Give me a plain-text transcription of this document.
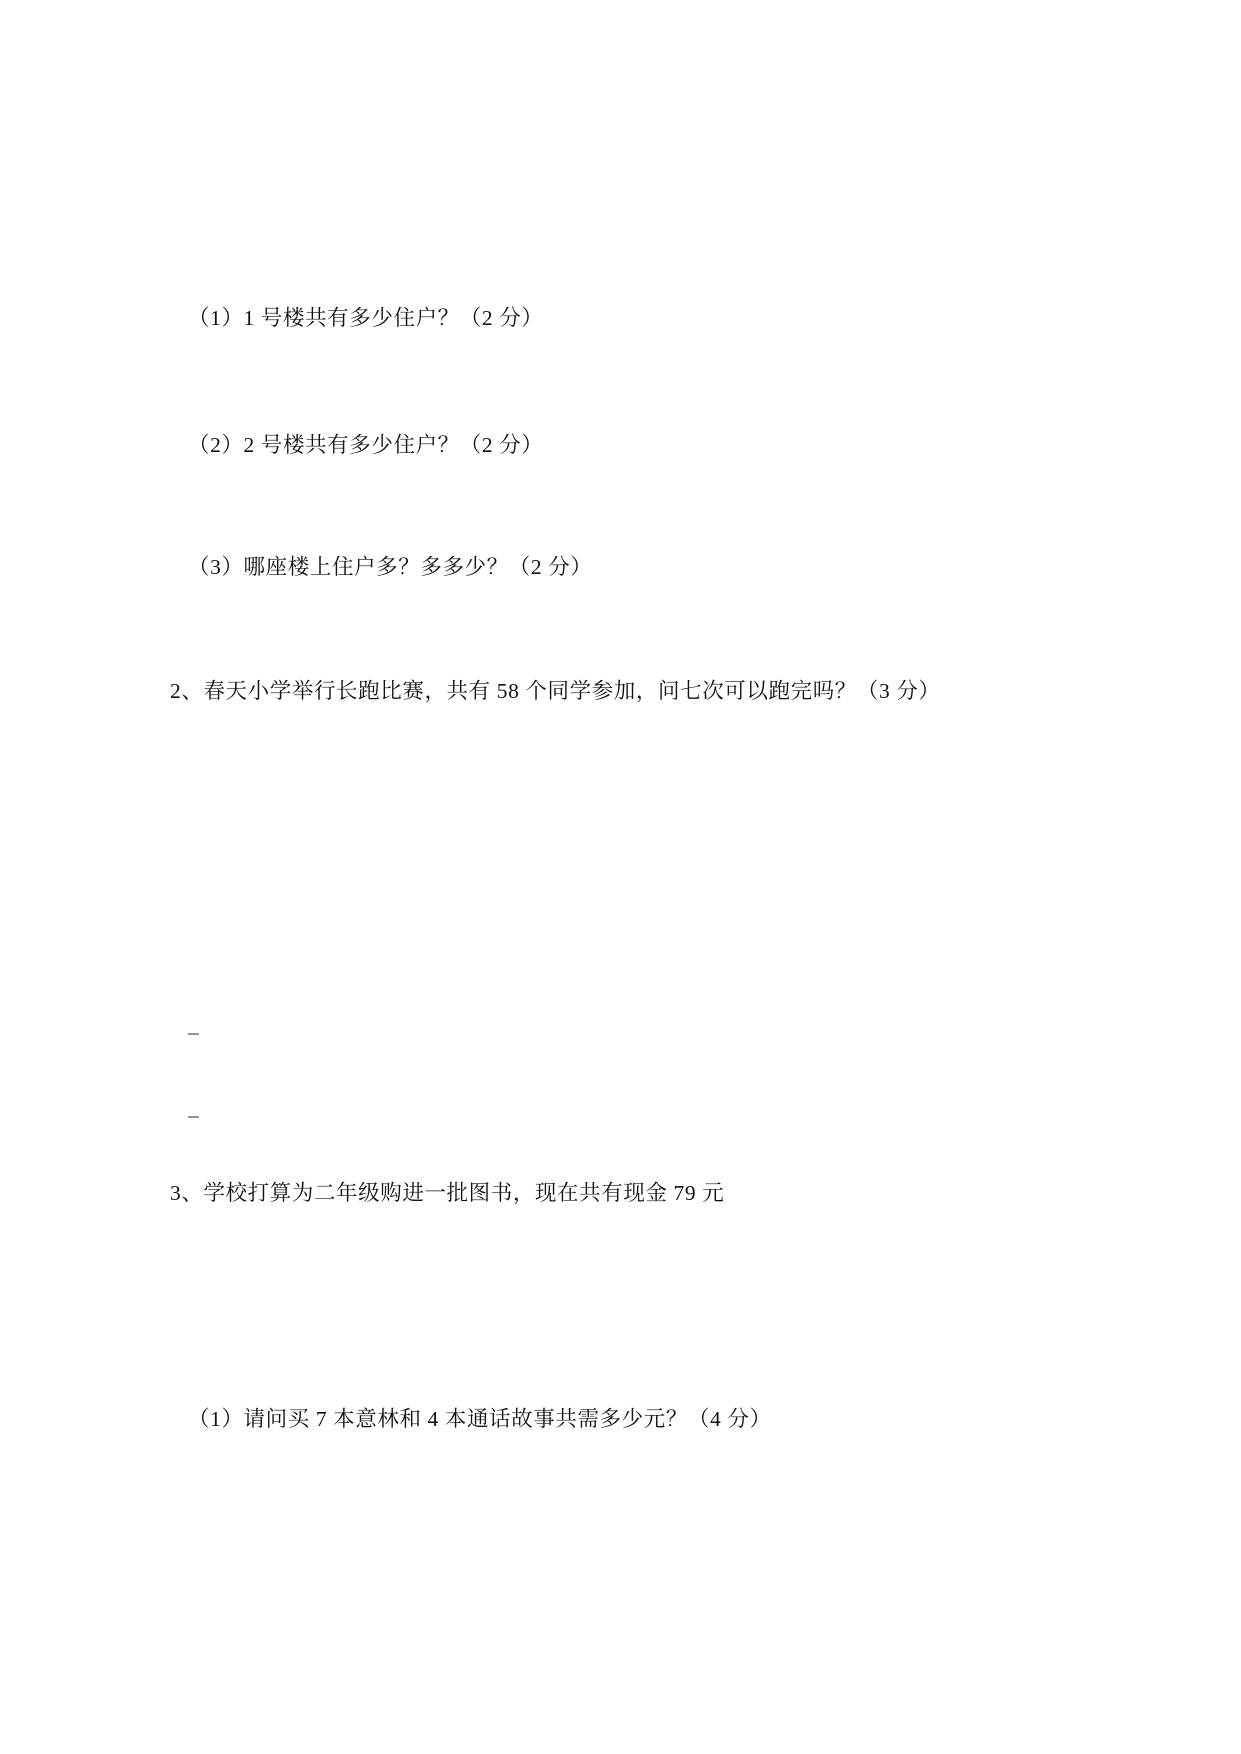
（1）1 号楼共有多少住户？（2 分）
（2）2 号楼共有多少住户？（2 分）
（3）哪座楼上住户多？多多少？（2 分）
2、春天小学举行长跑比赛，共有 58 个同学参加，问七次可以跑完吗？（3 分）
–
–
3、学校打算为二年级购进一批图书，现在共有现金 79 元
（1）请问买 7 本意林和 4 本通话故事共需多少元？（4 分）
